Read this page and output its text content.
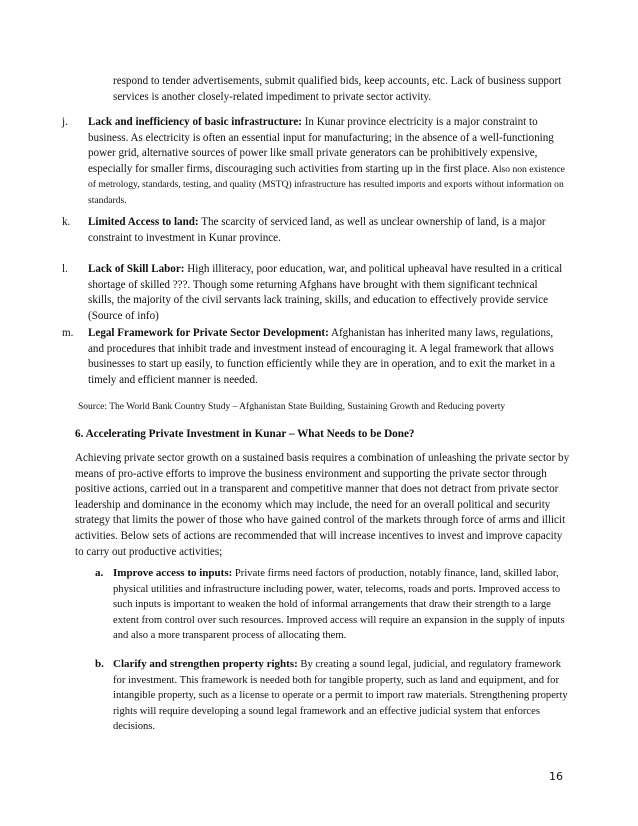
respond to tender advertisements, submit qualified bids, keep accounts, etc. Lack of business support services is another closely-related impediment to private sector activity.
j.	Lack and inefficiency of basic infrastructure: In Kunar province electricity is a major constraint to business. As electricity is often an essential input for manufacturing; in the absence of a well-functioning power grid, alternative sources of power like small private generators can be prohibitively expensive, especially for smaller firms, discouraging such activities from starting up in the first place. Also non existence of metrology, standards, testing, and quality (MSTQ) infrastructure has resulted imports and exports without information on standards.
k.	Limited Access to land: The scarcity of serviced land, as well as unclear ownership of land, is a major constraint to investment in Kunar province.
l.	Lack of Skill Labor: High illiteracy, poor education, war, and political upheaval have resulted in a critical shortage of skilled ???. Though some returning Afghans have brought with them significant technical skills, the majority of the civil servants lack training, skills, and education to effectively provide service (Source of info)
m.	Legal Framework for Private Sector Development: Afghanistan has inherited many laws, regulations, and procedures that inhibit trade and investment instead of encouraging it. A legal framework that allows businesses to start up easily, to function efficiently while they are in operation, and to exit the market in a timely and efficient manner is needed.
Source: The World Bank Country Study – Afghanistan State Building, Sustaining Growth and Reducing poverty
6. Accelerating Private Investment in Kunar – What Needs to be Done?
Achieving private sector growth on a sustained basis requires a combination of unleashing the private sector by means of pro-active efforts to improve the business environment and supporting the private sector through positive actions, carried out in a transparent and competitive manner that does not detract from private sector leadership and dominance in the economy which may include, the need for an overall political and security strategy that limits the power of those who have gained control of the markets through force of arms and illicit activities. Below sets of actions are recommended that will increase incentives to invest and improve capacity to carry out productive activities;
a. Improve access to inputs: Private firms need factors of production, notably finance, land, skilled labor, physical utilities and infrastructure including power, water, telecoms, roads and ports. Improved access to such inputs is important to weaken the hold of informal arrangements that draw their strength to a large extent from control over such resources. Improved access will require an expansion in the supply of inputs and also a more transparent process of allocating them.
b. Clarify and strengthen property rights: By creating a sound legal, judicial, and regulatory framework for investment. This framework is needed both for tangible property, such as land and equipment, and for intangible property, such as a license to operate or a permit to import raw materials. Strengthening property rights will require developing a sound legal framework and an effective judicial system that enforces decisions.
16
